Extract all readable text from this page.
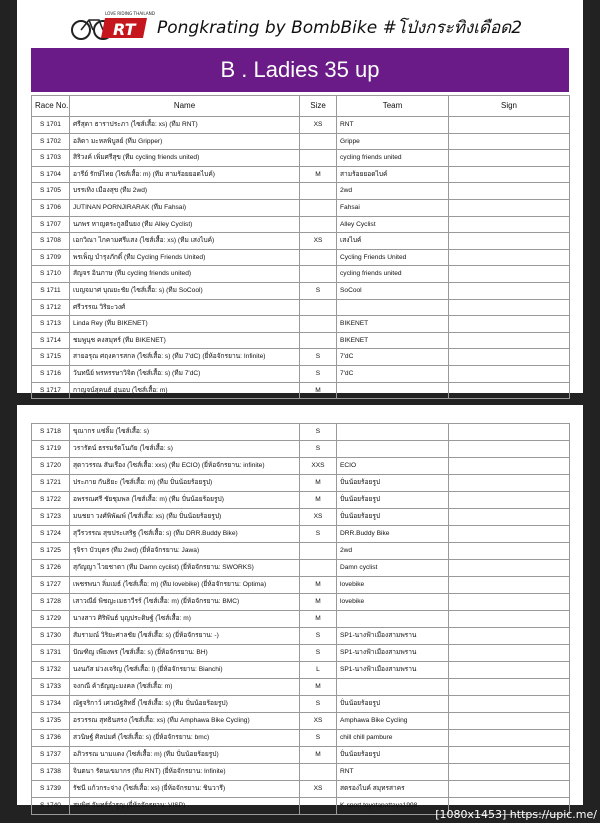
RT
LOVE RIDING THAILAND
Pongkrating by BombBike #โป่งกระทิงเดือด2
B . Ladies 35 up
Race No.	Name	Size	Team	Sign
S 1701	ศรีสุดา ธาราประภา (ไซส์เสื้อ: xs) (ทีม RNT)	XS	RNT	
S 1702	อลิดา มะหลพิบูลย์ (ทีม Gripper)		Grippe	
S 1703	สิริวงค์ เพิ่มศรีสุข (ทีม cycling friends united)		cycling friends united	
S 1704	อารีย์ รักษ์ไทย (ไซส์เสื้อ: m) (ทีม สามร้อยยอดไบค์)	M	สามร้อยยอดไบค์	
S 1705	บรรเทิง เมืองสุข (ทีม 2wd)		2wd	
S 1706	JUTINAN PORNJIRARAK (ทีม Fahsai)		Fahsai	
S 1707	นภพร หาญตระกูลยืนยง (ทีม Alley Cyclist)		Alley Cyclist	
S 1708	เอกวิณา ไกคามศรีแสง (ไซส์เสื้อ: xs) (ทีม เสงไบค์)	XS	เสงไบค์	
S 1709	พรเพ็ญ บำรุงภักดิ์ (ทีม Cycling Friends United)		Cycling Friends United	
S 1710	สัญจร อินภาษ (ทีม cycling friends united)		cycling friends united	
S 1711	เบญจมาศ บุณยะชัย (ไซส์เสื้อ: s) (ทีม SoCool)	S	SoCool	
S 1712	ศรีวรรณ วิริยะวงศ์			
S 1713	Linda Rey (ทีม BIKENET)		BIKENET	
S 1714	ชมพูนุช คงสมุทร์ (ทีม BIKENET)		BIKENET	
S 1715	สายอรุณ ศฤงคารสกล (ไซส์เสื้อ: s) (ทีม 7'dC) (ยี่ห้อจักรยาน: Infinite)	S	7'dC	
S 1716	วันทนีย์ พรหรรษาวิจิต (ไซส์เสื้อ: s) (ทีม 7'dC)	S	7'dC	
S 1717	กาญจน์สุคนธ์ อุ่นอบ (ไซส์เสื้อ: m)	M		
S 1718	ขุณากร แซ่ลิ้ม (ไซส์เสื้อ: s)	S		
S 1719	วรารัตน์ ธรรมรัตโนภัย (ไซส์เสื้อ: s)	S		
S 1720	สุดาวรรณ สันเรือง (ไซส์เสื้อ: xxs) (ทีม ECIO) (ยี่ห้อจักรยาน: infinite)	XXS	ECIO	
S 1721	ประภาย กันธิยะ (ไซส์เสื้อ: m) (ทีม ปั่นน้อยร้อยรูป)	M	ปั่นน้อยร้อยรูป	
S 1722	อพรรณศรี ชัยชุมพล (ไซส์เสื้อ: m) (ทีม ปั่นน้อยร้อยรูป)	M	ปั่นน้อยร้อยรูป	
S 1723	มนชยา วงศ์พิพัฒพ์ (ไซส์เสื้อ: xs) (ทีม ปั่นน้อยร้อยรูป)	XS	ปั่นน้อยร้อยรูป	
S 1724	สุวีรวรรณ สุขประเสริฐ (ไซส์เสื้อ: s) (ทีม DRR.Buddy Bike)	S	DRR.Buddy Bike	
S 1725	รุจิรา บัวบุตร (ทีม 2wd) (ยี่ห้อจักรยาน: Jawa)		2wd	
S 1726	สุกัญญา ไวยชาตา (ทีม Damn cyclist) (ยี่ห้อจักรยาน: SWORKS)		Damn cyclist	
S 1727	เพชรพนา ลิ่มเมธ์ (ไซส์เสื้อ: m) (ทีม lovebike) (ยี่ห้อจักรยาน: Optima)	M	lovebike	
S 1728	เสาวณีย์ พิชญะเมธาวีรร์ (ไซส์เสื้อ: m) (ยี่ห้อจักรยาน: BMC)	M	lovebike	
S 1729	นางสาว ศิริพันธ์ บุญประดิษฐ์ (ไซส์เสื้อ: m)	M		
S 1730	สัมรามณ์ วิริยะศาลชัย (ไซส์เสื้อ: s) (ยี่ห้อจักรยาน: -)	S	SP1-นางฟ้าเมืองสามพราน	
S 1731	ปัณฑิญ เพียงพร (ไซส์เสื้อ: s) (ยี่ห้อจักรยาน: BH)	S	SP1-นางฟ้าเมืองสามพราน	
S 1732	นงนภัส ม่วงเจริญ (ไซส์เสื้อ: l) (ยี่ห้อจักรยาน: Bianchi)	L	SP1-นางฟ้าเมืองสามพราน	
S 1733	จงกณี ค้าธัญญะมงคล (ไซส์เสื้อ: m)	M		
S 1734	ณัฐจริกาว์ เศวณัฐสิทธิ์ (ไซส์เสื้อ: s) (ทีม ปั่นน้อยร้อยรูป)	S	ปั่นน้อยร้อยรูป	
S 1735	อรวรรณ สุทธินสรง (ไซส์เสื้อ: xs) (ทีม Amphawa Bike Cycling)	XS	Amphawa Bike Cycling	
S 1736	สวนิษฐ์ ศิลปมศ์ (ไซส์เสื้อ: s) (ยี่ห้อจักรยาน: bmc)	S	chill chill pambure	
S 1737	อภิวรรณ นามแดง (ไซส์เสื้อ: m) (ทีม ปั่นน้อยร้อยรูป)	M	ปั่นน้อยร้อยรูป	
S 1738	จินตนา รัตนเขมากร (ทีม RNT) (ยี่ห้อจักรยาน: Infinite)		RNT	
S 1739	รัชนี แก้วกระจ่าง (ไซส์เสื้อ: xs) (ยี่ห้อจักรยาน: ชินวารี)	XS	สตรองไบค์ สมุทรสาคร	
S 1740	สมพิศ จันทร์จำรูญ (ยี่ห้อจักรยาน: VISP)		K-sport toyotapattaya1998	
[1080x1453] https://upic.me/
